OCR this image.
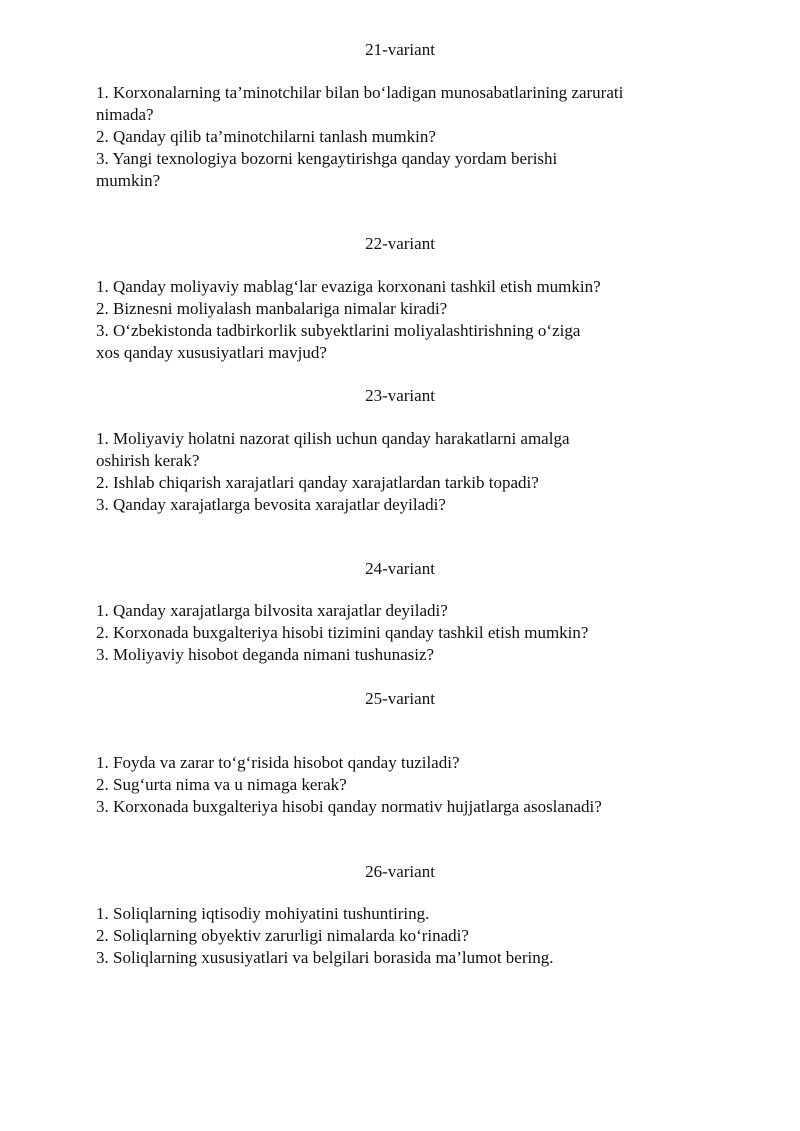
21-variant
1. Korxonalarning ta’minotchilar bilan bo‘ladigan munosabatlarining zarurati
nimada?
2. Qanday qilib ta’minotchilarni tanlash mumkin?
3. Yangi texnologiya bozorni kengaytirishga qanday yordam berishi
mumkin?
22-variant
1. Qanday moliyaviy mablag‘lar evaziga korxonani tashkil etish mumkin?
2. Biznesni moliyalash manbalariga nimalar kiradi?
3. O‘zbekistonda tadbirkorlik subyektlarini moliyalashtirishning o‘ziga
xos qanday xususiyatlari mavjud?
23-variant
1. Moliyaviy holatni nazorat qilish uchun qanday harakatlarni amalga
oshirish kerak?
2. Ishlab chiqarish xarajatlari qanday xarajatlardan tarkib topadi?
3. Qanday xarajatlarga bevosita xarajatlar deyiladi?
24-variant
1. Qanday xarajatlarga bilvosita xarajatlar deyiladi?
2. Korxonada buxgalteriya hisobi tizimini qanday tashkil etish mumkin?
3. Moliyaviy hisobot deganda nimani tushunasiz?
25-variant
1. Foyda va zarar to‘g‘risida hisobot qanday tuziladi?
2. Sug‘urta nima va u nimaga kerak?
3. Korxonada buxgalteriya hisobi qanday normativ hujjatlarga asoslanadi?
26-variant
1. Soliqlarning iqtisodiy mohiyatini tushuntiring.
2. Soliqlarning obyektiv zarurligi nimalarda ko‘rinadi?
3. Soliqlarning xususiyatlari va belgilari borasida ma’lumot bering.
